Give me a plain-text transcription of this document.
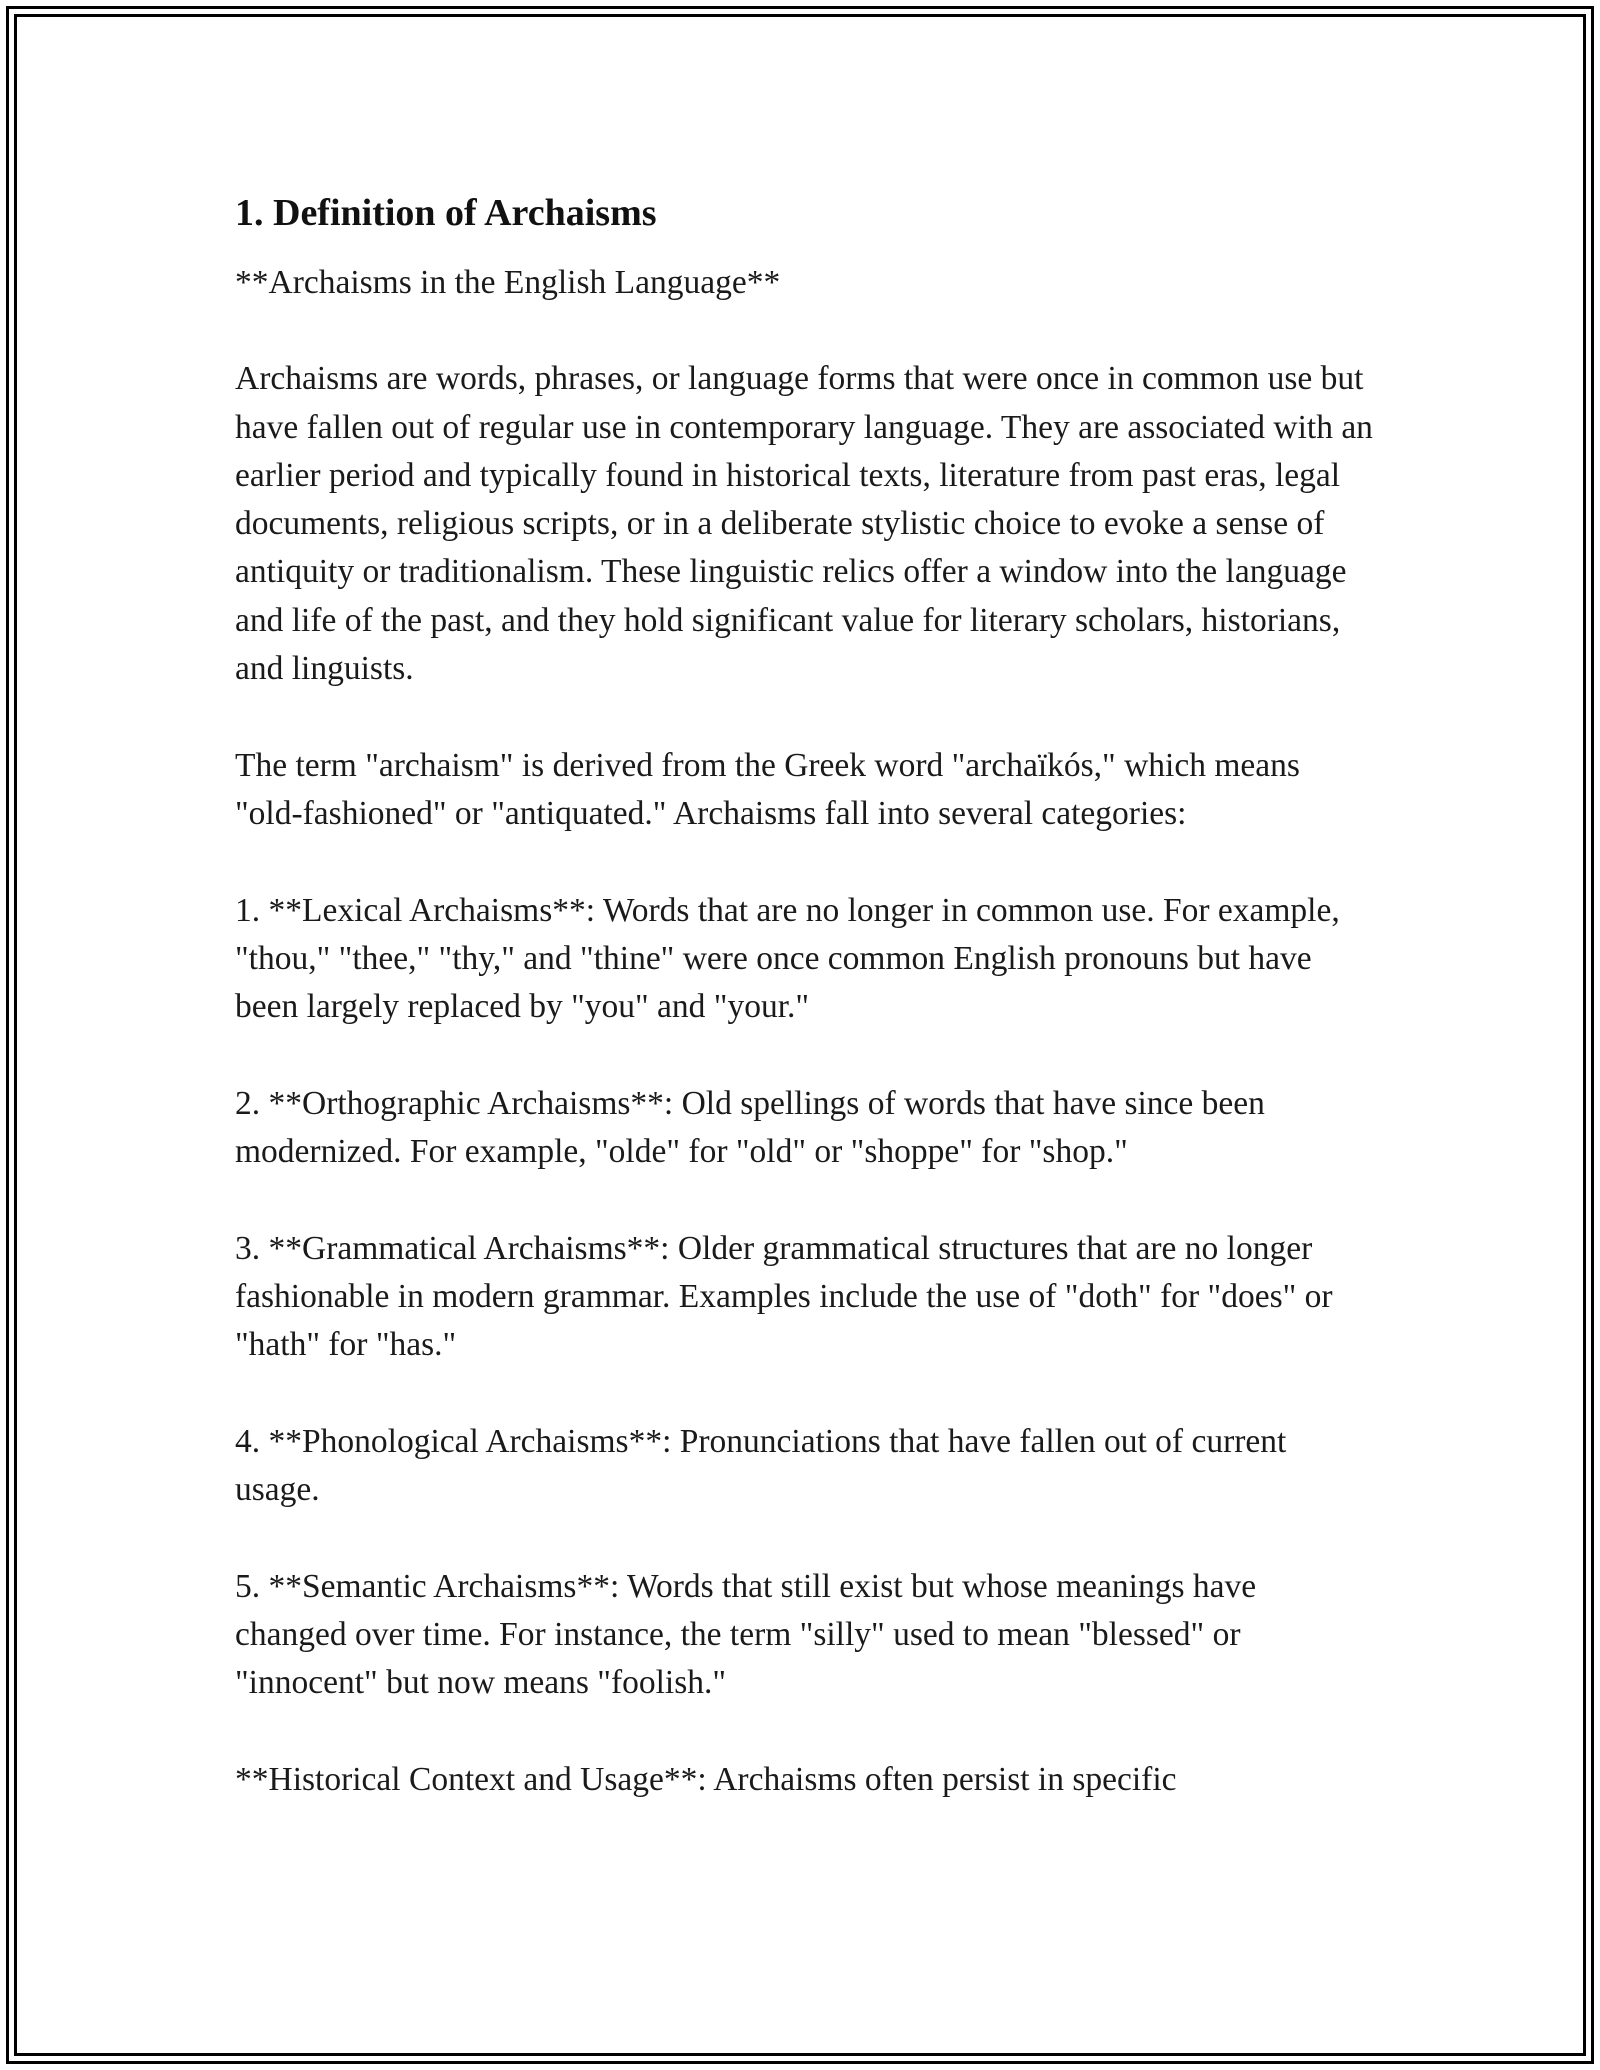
1. Definition of Archaisms

**Archaisms in the English Language**

Archaisms are words, phrases, or language forms that were once in common use but have fallen out of regular use in contemporary language. They are associated with an earlier period and typically found in historical texts, literature from past eras, legal documents, religious scripts, or in a deliberate stylistic choice to evoke a sense of antiquity or traditionalism. These linguistic relics offer a window into the language and life of the past, and they hold significant value for literary scholars, historians, and linguists.

The term "archaism" is derived from the Greek word "archaïkós," which means "old-fashioned" or "antiquated." Archaisms fall into several categories:

1. **Lexical Archaisms**: Words that are no longer in common use. For example, "thou," "thee," "thy," and "thine" were once common English pronouns but have been largely replaced by "you" and "your."

2. **Orthographic Archaisms**: Old spellings of words that have since been modernized. For example, "olde" for "old" or "shoppe" for "shop."

3. **Grammatical Archaisms**: Older grammatical structures that are no longer fashionable in modern grammar. Examples include the use of "doth" for "does" or "hath" for "has."

4. **Phonological Archaisms**: Pronunciations that have fallen out of current usage.

5. **Semantic Archaisms**: Words that still exist but whose meanings have changed over time. For instance, the term "silly" used to mean "blessed" or "innocent" but now means "foolish."

**Historical Context and Usage**: Archaisms often persist in specific
